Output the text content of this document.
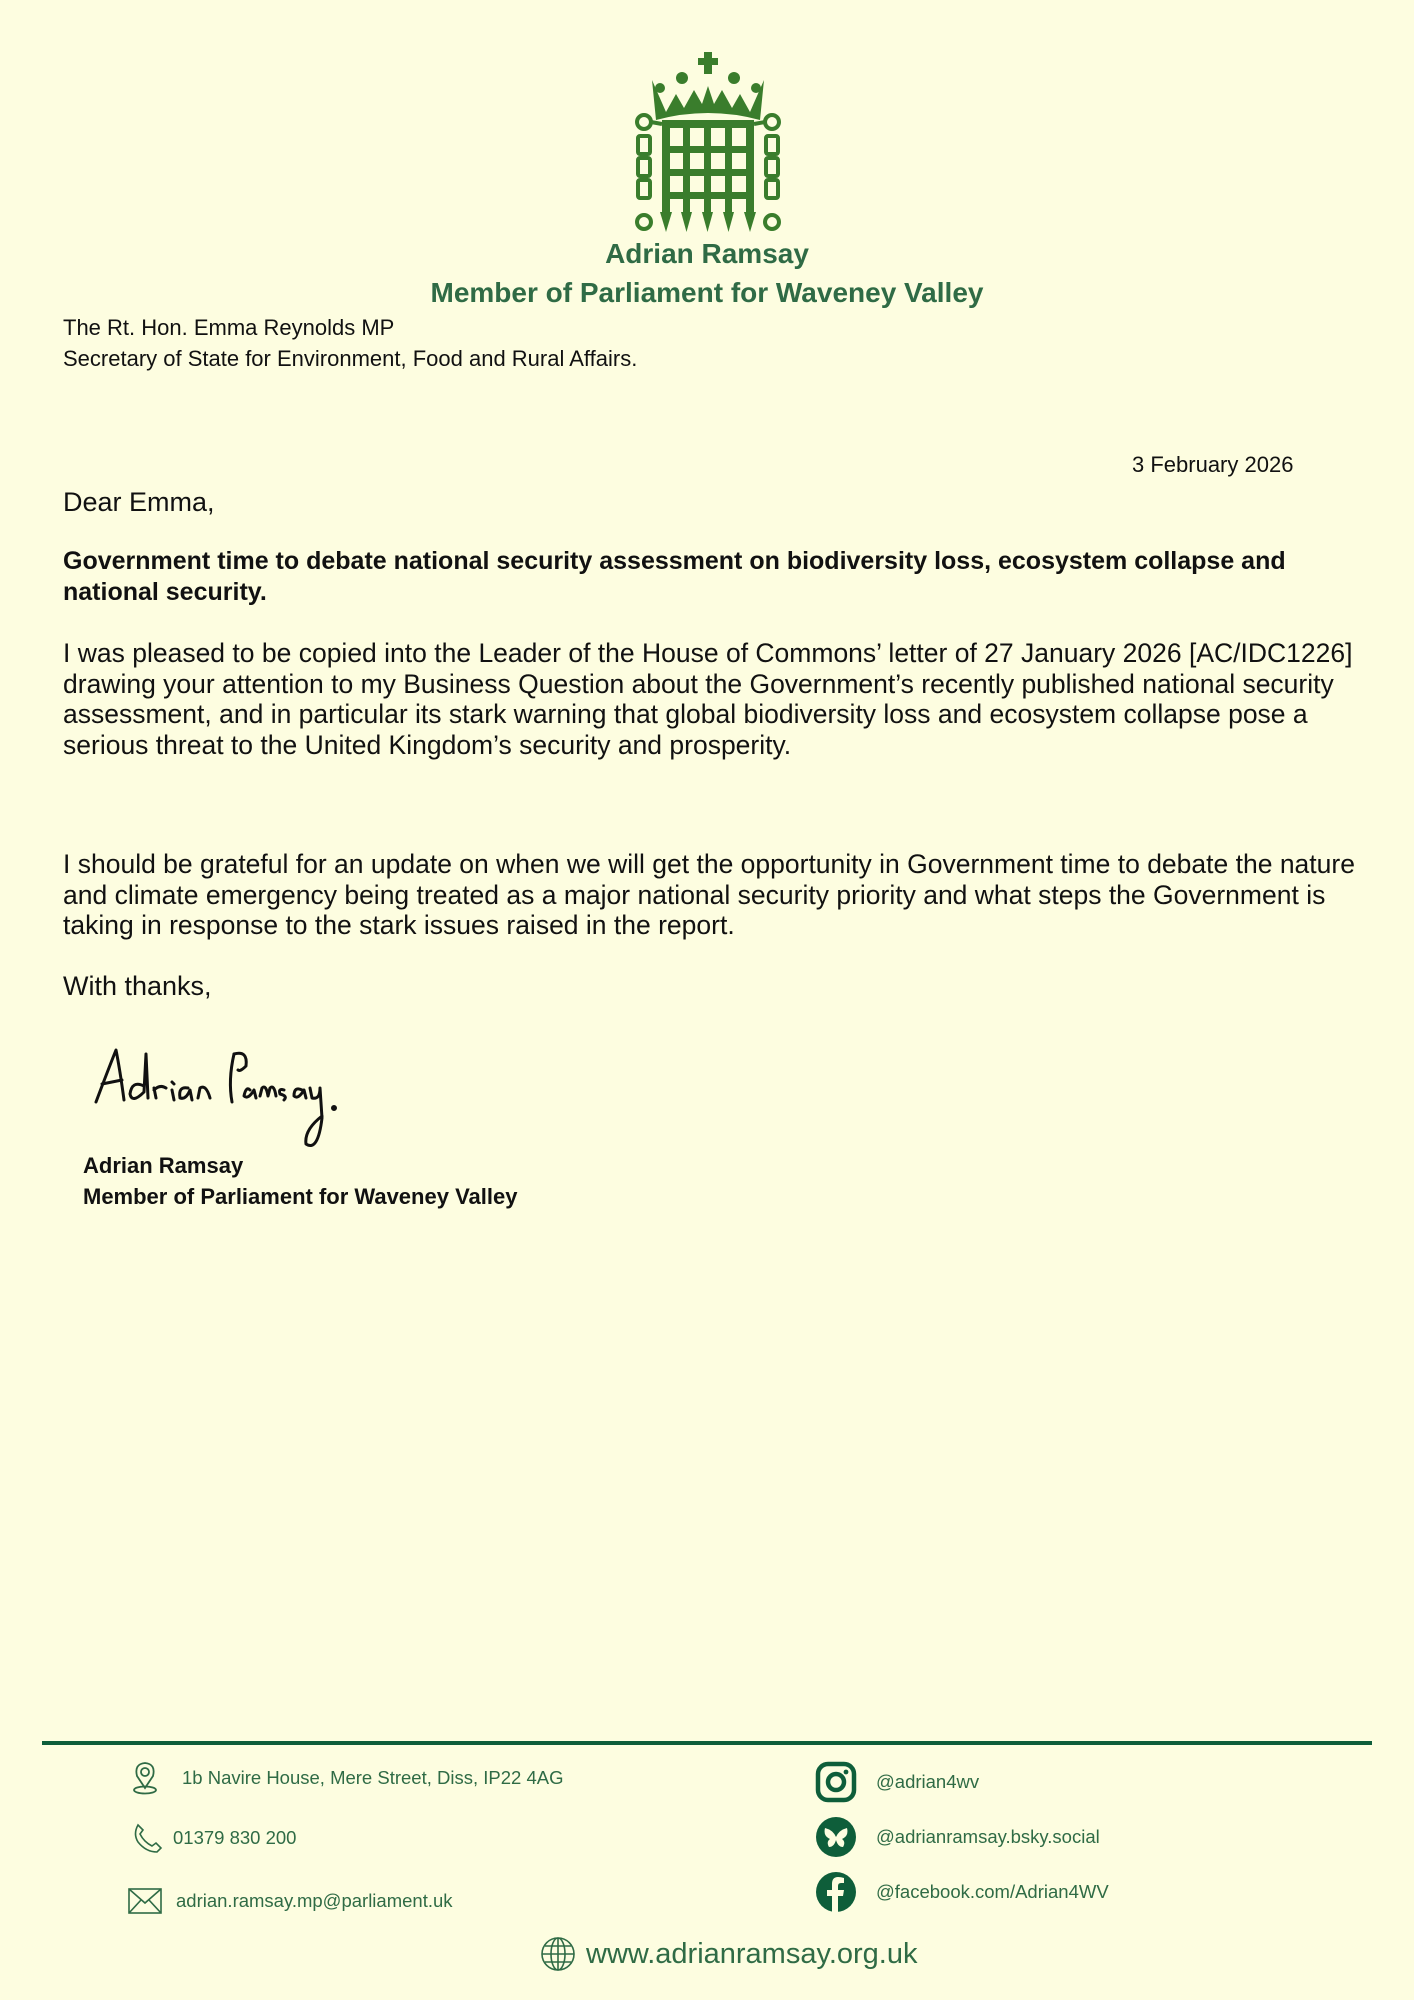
Adrian Ramsay
Member of Parliament for Waveney Valley
The Rt. Hon. Emma Reynolds MP
Secretary of State for Environment, Food and Rural Affairs.
3 February 2026
Dear Emma,
Government time to debate national security assessment on biodiversity loss, ecosystem collapse and national security.
I was pleased to be copied into the Leader of the House of Commons’ letter of 27 January 2026 [AC/IDC1226] drawing your attention to my Business Question about the Government’s recently published national security assessment, and in particular its stark warning that global biodiversity loss and ecosystem collapse pose a serious threat to the United Kingdom’s security and prosperity.
I should be grateful for an update on when we will get the opportunity in Government time to debate the nature and climate emergency being treated as a major national security priority and what steps the Government is taking in response to the stark issues raised in the report.
With thanks,
Adrian Ramsay
Member of Parliament for Waveney Valley
1b Navire House, Mere Street, Diss, IP22 4AG
01379 830 200
adrian.ramsay.mp@parliament.uk
@adrian4wv
@adrianramsay.bsky.social
@facebook.com/Adrian4WV
www.adrianramsay.org.uk
